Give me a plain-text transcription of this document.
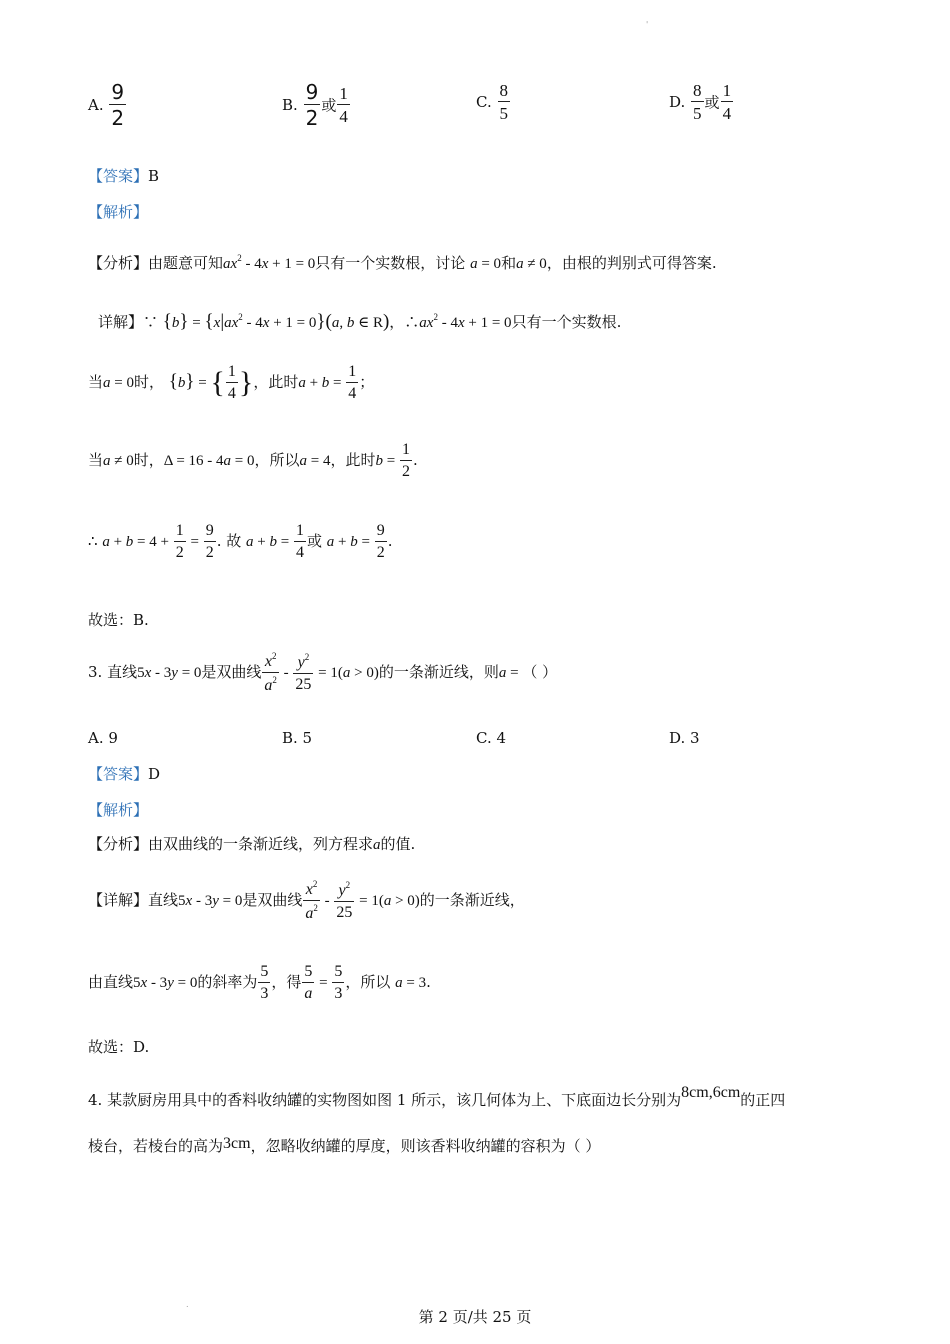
'
.
A. $\frac{9}{2}$	B. $\frac{9}{2}$ 或 $\frac{1}{4}$	C. $\frac{8}{5}$	D. $\frac{8}{5}$ 或 $\frac{1}{4}$
【答案】B
【解析】
【分析】由题意可知$ax^2 - 4x + 1 = 0$只有一个实数根，讨论 a = 0和a ≠ 0，由根的判别式可得答案.
详解】∵ $\{b\} = \{x|ax^2 - 4x + 1 = 0\}(a$, b ∈ R)，$\therefore ax^2 - 4x + 1 = 0$只有一个实数根.
当a = 0时， {b} = { $\frac{1}{4}$ }，此时$a + b = \frac{1}{4}$ ；
当a ≠ 0时，Δ = 16 - 4a = 0，所以a = 4，此时$b = \frac{1}{2}$ .
∴ $a + b = 4 + \frac{1}{2} = \frac{9}{2}$ . 故 $a + b = \frac{1}{4}$ 或 $a + b = \frac{9}{2}$ .
故选：B.
3. 直线5x - 3y = 0是双曲线 $\frac{x^2}{a^2} - \frac{y^2}{25} = 1(a > 0)$的一条渐近线，则a = （ ）
A. 9	B. 5	C. 4	D. 3
【答案】D
【解析】
【分析】由双曲线的一条渐近线，列方程求a的值.
【详解】直线5x - 3y = 0是双曲线 $\frac{x^2}{a^2} - \frac{y^2}{25} = 1(a > 0)$的一条渐近线，
由直线5x - 3y = 0的斜率为 $\frac{5}{3}$ ，得 $\frac{5}{a} = \frac{5}{3}$ ，所以 a = 3.
故选：D.
4. 某款厨房用具中的香料收纳罐的实物图如图 1 所示，该几何体为上、下底面边长分别为8cm,6cm的正四
棱台，若棱台的高为3cm，忽略收纳罐的厚度，则该香料收纳罐的容积为（ ）
第 2 页/共 25 页
